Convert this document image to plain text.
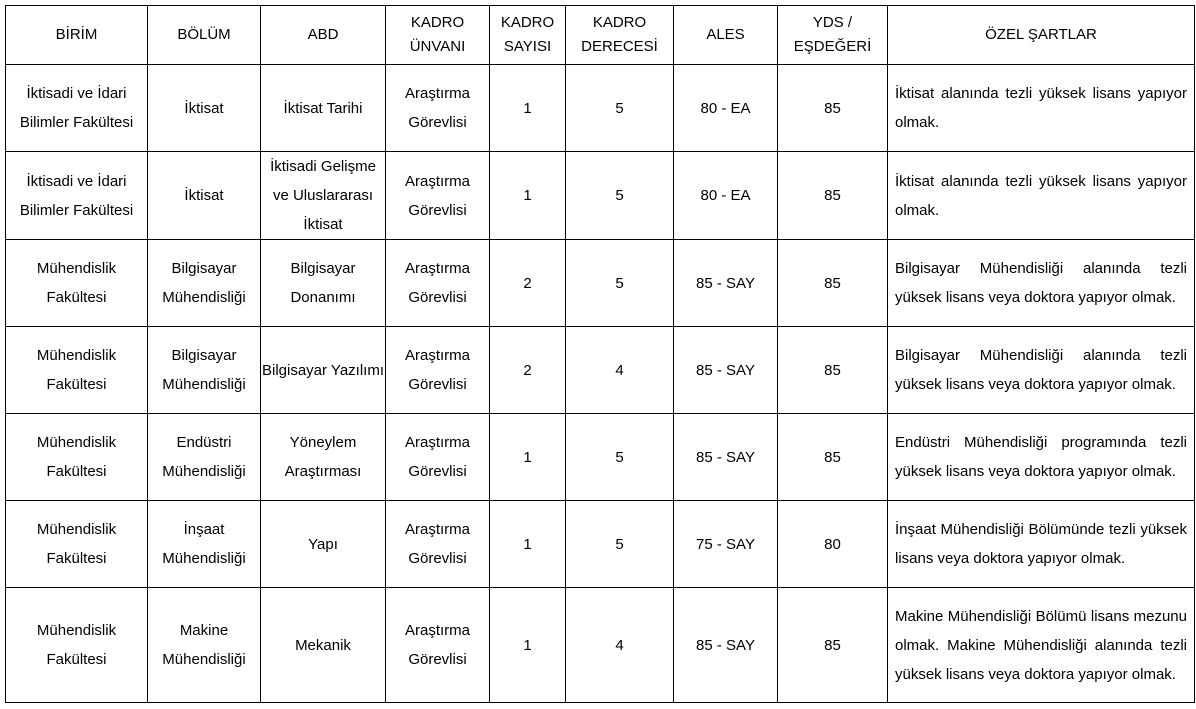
BİRİM	BÖLÜM	ABD	KADRO ÜNVANI	KADRO SAYISI	KADRO DERECESİ	ALES	YDS / EŞDEĞERİ	ÖZEL ŞARTLAR
İktisadi ve İdari Bilimler Fakültesi	İktisat	İktisat Tarihi	Araştırma Görevlisi	1	5	80 - EA	85	İktisat alanında tezli yüksek lisans yapıyor olmak.
İktisadi ve İdari Bilimler Fakültesi	İktisat	İktisadi Gelişme ve Uluslararası İktisat	Araştırma Görevlisi	1	5	80 - EA	85	İktisat alanında tezli yüksek lisans yapıyor olmak.
Mühendislik Fakültesi	Bilgisayar Mühendisliği	Bilgisayar Donanımı	Araştırma Görevlisi	2	5	85 - SAY	85	Bilgisayar Mühendisliği alanında tezli yüksek lisans veya doktora yapıyor olmak.
Mühendislik Fakültesi	Bilgisayar Mühendisliği	Bilgisayar Yazılımı	Araştırma Görevlisi	2	4	85 - SAY	85	Bilgisayar Mühendisliği alanında tezli yüksek lisans veya doktora yapıyor olmak.
Mühendislik Fakültesi	Endüstri Mühendisliği	Yöneylem Araştırması	Araştırma Görevlisi	1	5	85 - SAY	85	Endüstri Mühendisliği programında tezli yüksek lisans veya doktora yapıyor olmak.
Mühendislik Fakültesi	İnşaat Mühendisliği	Yapı	Araştırma Görevlisi	1	5	75 - SAY	80	İnşaat Mühendisliği Bölümünde tezli yüksek lisans veya doktora yapıyor olmak.
Mühendislik Fakültesi	Makine Mühendisliği	Mekanik	Araştırma Görevlisi	1	4	85 - SAY	85	Makine Mühendisliği Bölümü lisans mezunu olmak. Makine Mühendisliği alanında tezli yüksek lisans veya doktora yapıyor olmak.
